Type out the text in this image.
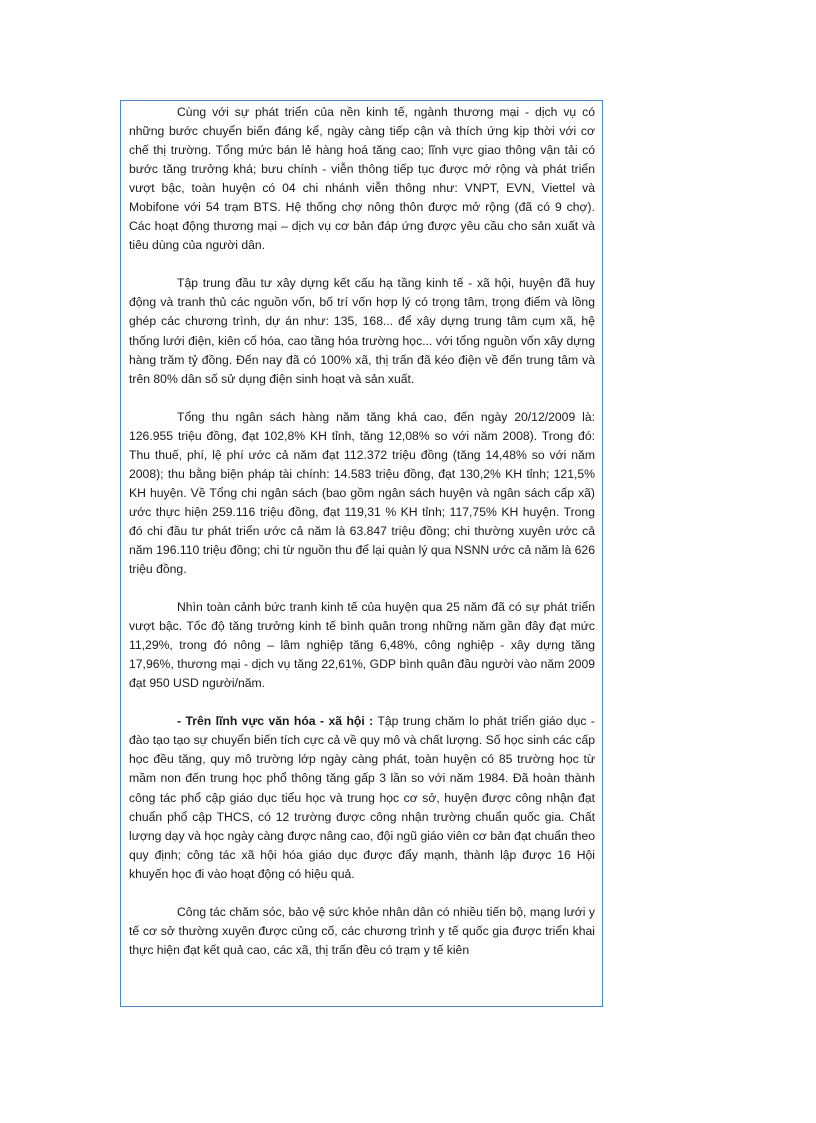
Cùng với sự phát triển của nền kinh tế, ngành thương mại - dịch vụ có những bước chuyển biến đáng kể, ngày càng tiếp cận và thích ứng kịp thời với cơ chế thị trường. Tổng mức bán lẻ hàng hoá tăng cao; lĩnh vực giao thông vận tải có bước tăng trưởng khá; bưu chính - viễn thông tiếp tục được mở rộng và phát triển vượt bậc, toàn huyện có 04 chi nhánh viễn thông như: VNPT, EVN, Viettel và Mobifone với 54 trạm BTS. Hệ thống chợ nông thôn được mở rộng (đã có 9 chợ). Các hoạt động thương mại – dịch vụ cơ bản đáp ứng được yêu cầu cho sản xuất và tiêu dùng của người dân.

Tập trung đầu tư xây dựng kết cấu hạ tầng kinh tế - xã hội, huyện đã huy động và tranh thủ các nguồn vốn, bố trí vốn hợp lý có trọng tâm, trọng điểm và lồng ghép các chương trình, dự án như: 135, 168... để xây dựng trung tâm cụm xã, hệ thống lưới điện, kiên cố hóa, cao tầng hóa trường học... với tổng nguồn vốn xây dựng hàng trăm tỷ đồng. Đến nay đã có 100% xã, thị trấn đã kéo điện về đến trung tâm và trên 80% dân số sử dụng điện sinh hoạt và sản xuất.

Tổng thu ngân sách hàng năm tăng khá cao, đến ngày 20/12/2009 là: 126.955 triệu đồng, đạt 102,8% KH tỉnh, tăng 12,08% so với năm 2008). Trong đó: Thu thuế, phí, lệ phí ước cả năm đạt 112.372 triệu đồng (tăng 14,48% so với năm 2008); thu bằng biện pháp tài chính: 14.583 triệu đồng, đạt 130,2% KH tỉnh; 121,5% KH huyện. Về Tổng chi ngân sách (bao gồm ngân sách huyện và ngân sách cấp xã) ước thực hiện 259.116 triệu đồng, đạt 119,31 % KH tỉnh; 117,75% KH huyện. Trong đó chi đầu tư phát triển ước cả năm là 63.847 triệu đồng; chi thường xuyên ước cả năm 196.110 triệu đồng; chi từ nguồn thu để lại quản lý qua NSNN ước cả năm là 626 triệu đồng.

Nhìn toàn cảnh bức tranh kinh tế của huyện qua 25 năm đã có sự phát triển vượt bậc. Tốc độ tăng trưởng kinh tế bình quân trong những năm gần đây đạt mức 11,29%, trong đó nông – lâm nghiệp tăng 6,48%, công nghiệp - xây dựng tăng 17,96%, thương mại - dịch vụ tăng 22,61%, GDP bình quân đầu người vào năm 2009 đạt 950 USD người/năm.

- Trên lĩnh vực văn hóa - xã hội : Tập trung chăm lo phát triển giáo dục - đào tạo tạo sự chuyển biến tích cực cả về quy mô và chất lượng. Số học sinh các cấp học đều tăng, quy mô trường lớp ngày càng phát, toàn huyện có 85 trường học từ mầm non đến trung học phổ thông tăng gấp 3 lần so với năm 1984. Đã hoàn thành công tác phổ cập giáo dục tiểu học và trung học cơ sở, huyện được công nhận đạt chuẩn phổ cập THCS, có 12 trường được công nhận trường chuẩn quốc gia. Chất lượng dạy và học ngày càng được nâng cao, đội ngũ giáo viên cơ bản đạt chuẩn theo quy định; công tác xã hội hóa giáo dục được đẩy mạnh, thành lập được 16 Hội khuyến học đi vào hoạt động có hiệu quả.

Công tác chăm sóc, bảo vệ sức khỏe nhân dân có nhiều tiến bộ, mạng lưới y tế cơ sở thường xuyên được củng cố, các chương trình y tế quốc gia được triển khai thực hiện đạt kết quả cao, các xã, thị trấn đều có trạm y tế kiên
